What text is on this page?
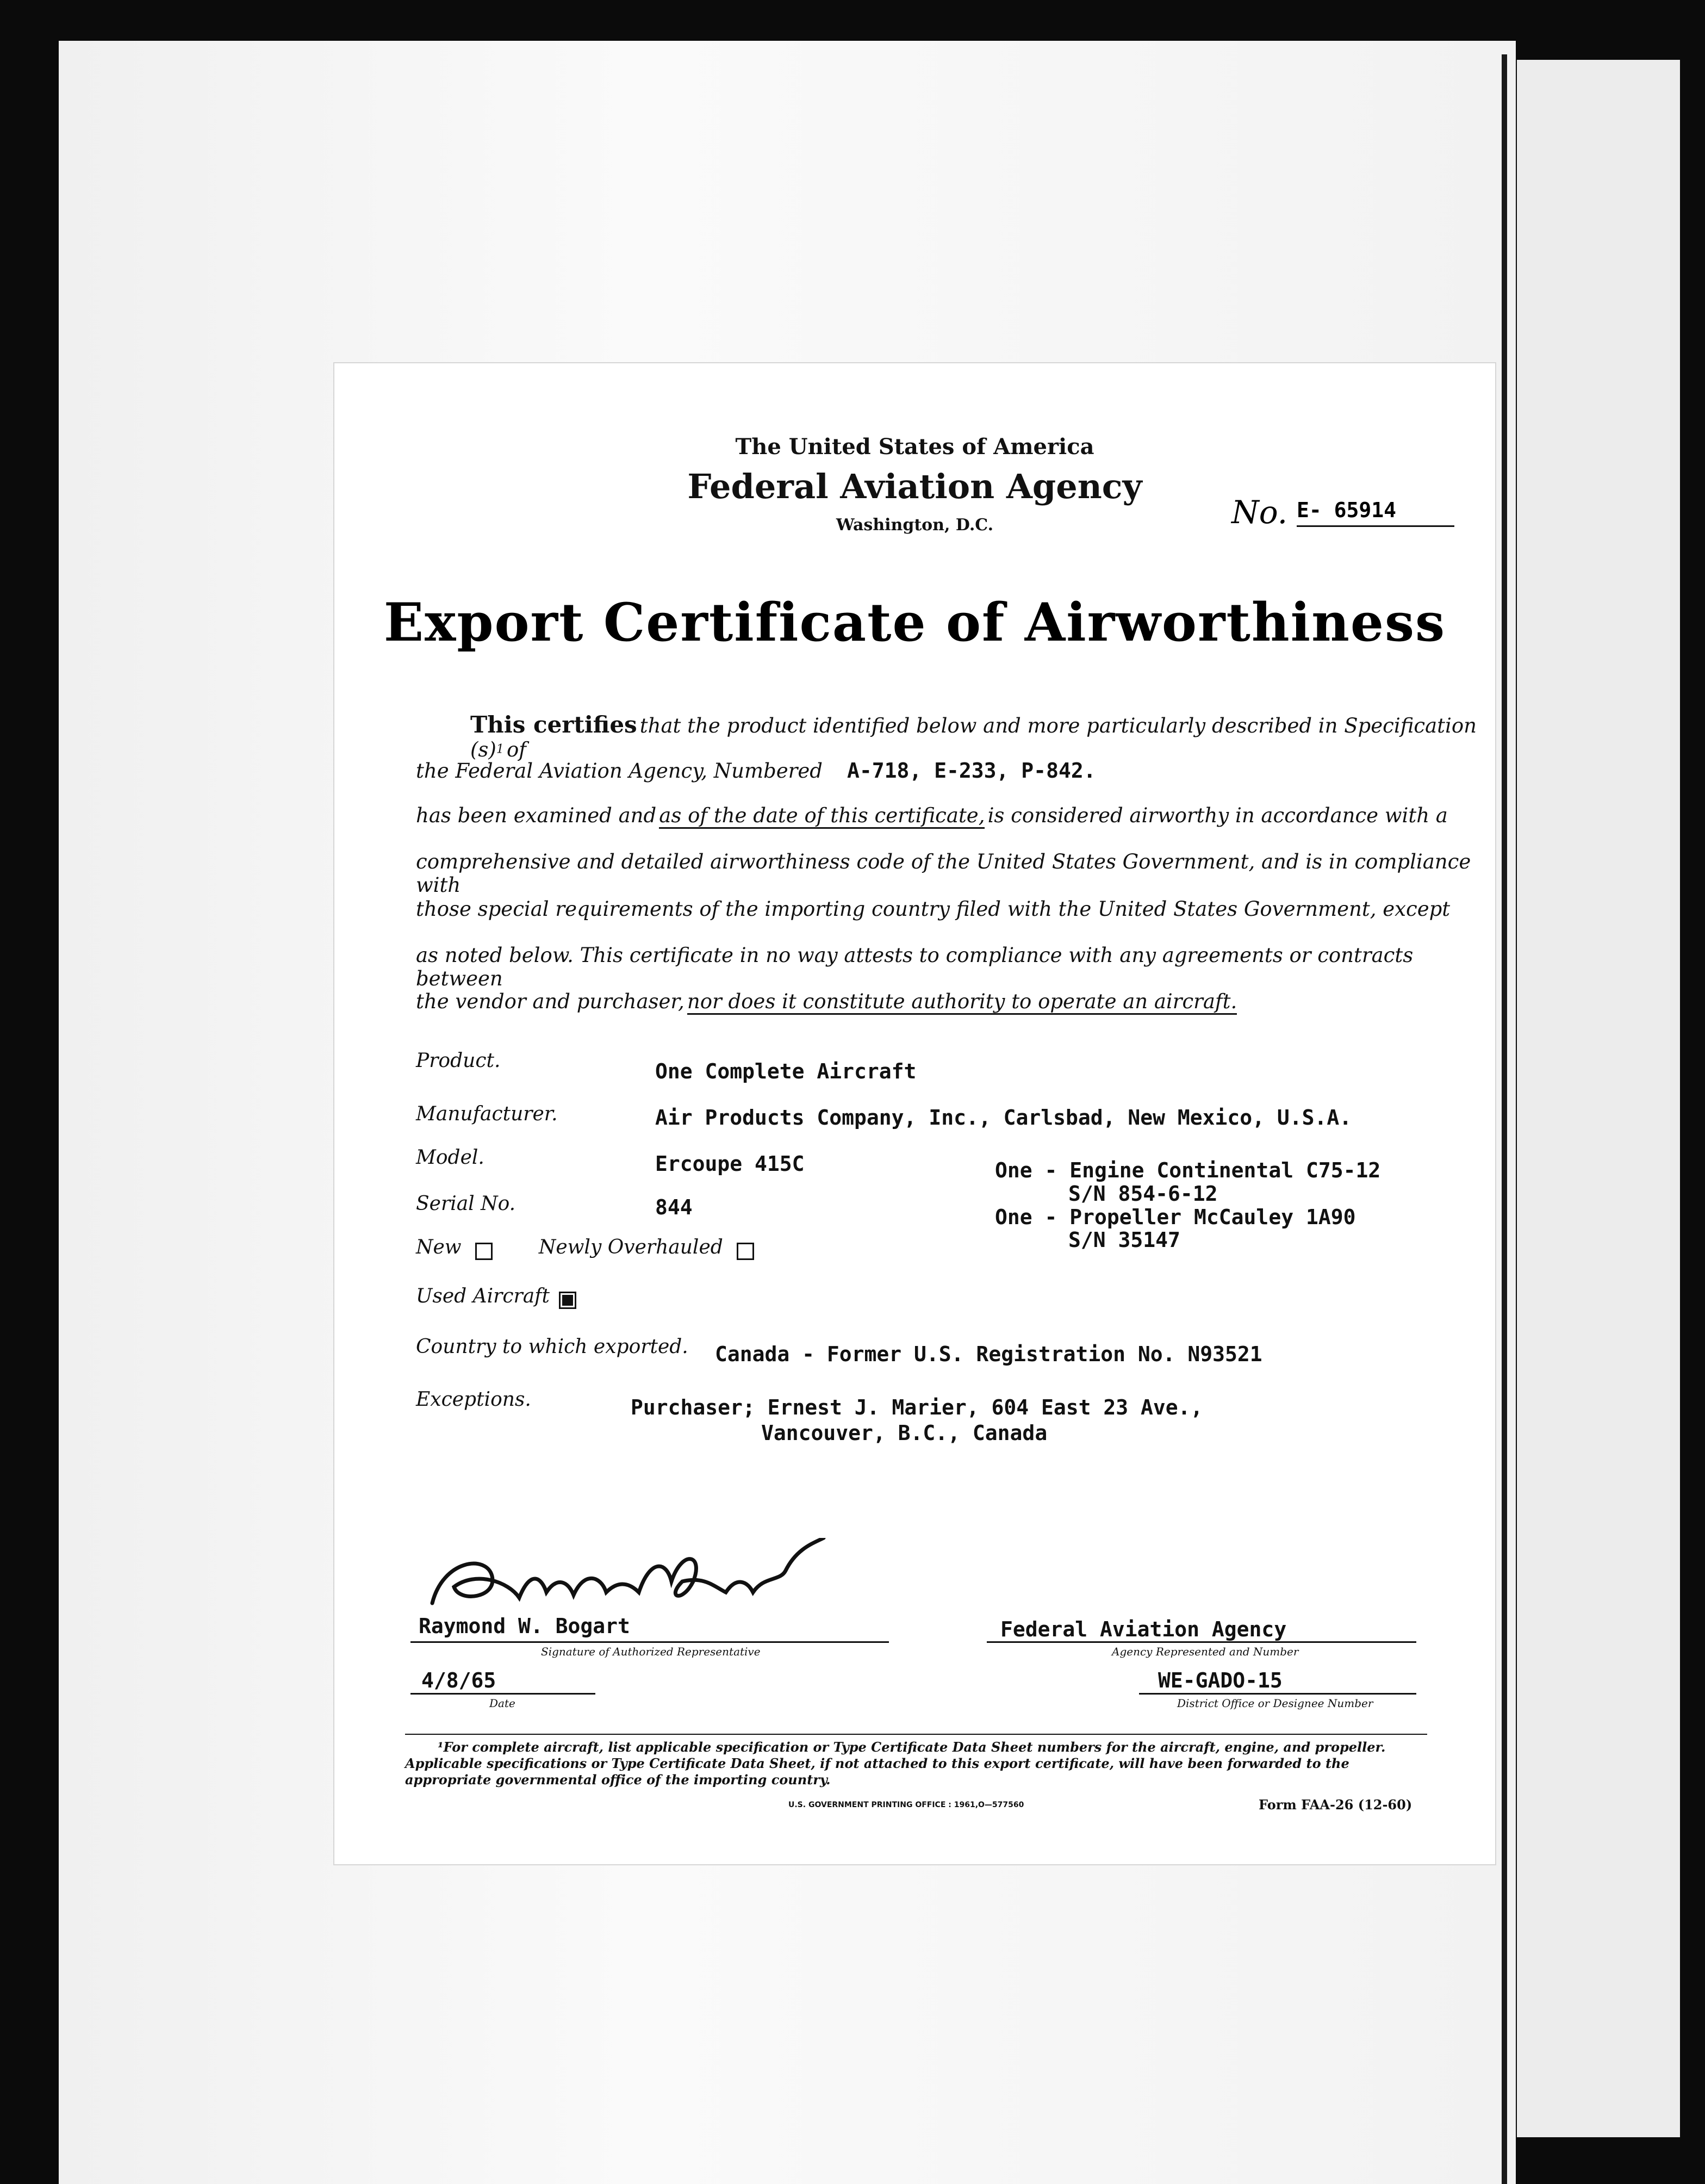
The United States of America
Federal Aviation Agency
Washington, D.C.	No. E- 65914
Export Certificate of Airworthiness
This certifies that the product identified below and more particularly described in Specification $(s)^1$ of
the Federal Aviation Agency, Numbered A-718, E-233, P-842.
has been examined and as of the date of this certificate, is considered airworthy in accordance with a
comprehensive and detailed airworthiness code of the United States Government, and is in compliance with
those special requirements of the importing country filed with the United States Government, except
as noted below. This certificate in no way attests to compliance with any agreements or contracts between
the vendor and purchaser, nor does it constitute authority to operate an aircraft.
Product.	One Complete Aircraft
Manufacturer.	Air Products Company, Inc., Carlsbad, New Mexico, U.S.A.
Model.	Ercoupe 415C	One - Engine Continental C75-12
S/N 854-6-12
Serial No.	844	One - Propeller McCauley 1A90
S/N 35147
New	Newly Overhauled
Used Aircraft
Country to which exported. Canada - Former U.S. Registration No. N93521
Exceptions.	Purchaser; Ernest J. Marier, 604 East 23 Ave.,
Vancouver, B.C., Canada
Raymond W. Bogart
Signature of Authorized Representative
4/8/65
Date
Federal Aviation Agency
Agency Represented and Number
WE-GADO-15
District Office or Designee Number
¹For complete aircraft, list applicable specification or Type Certificate Data Sheet numbers for the aircraft, engine, and propeller.
Applicable specifications or Type Certificate Data Sheet, if not attached to this export certificate, will have been forwarded to the
appropriate governmental office of the importing country.
U.S. GOVERNMENT PRINTING OFFICE : 1961,O—577560	Form FAA-26 (12-60)
